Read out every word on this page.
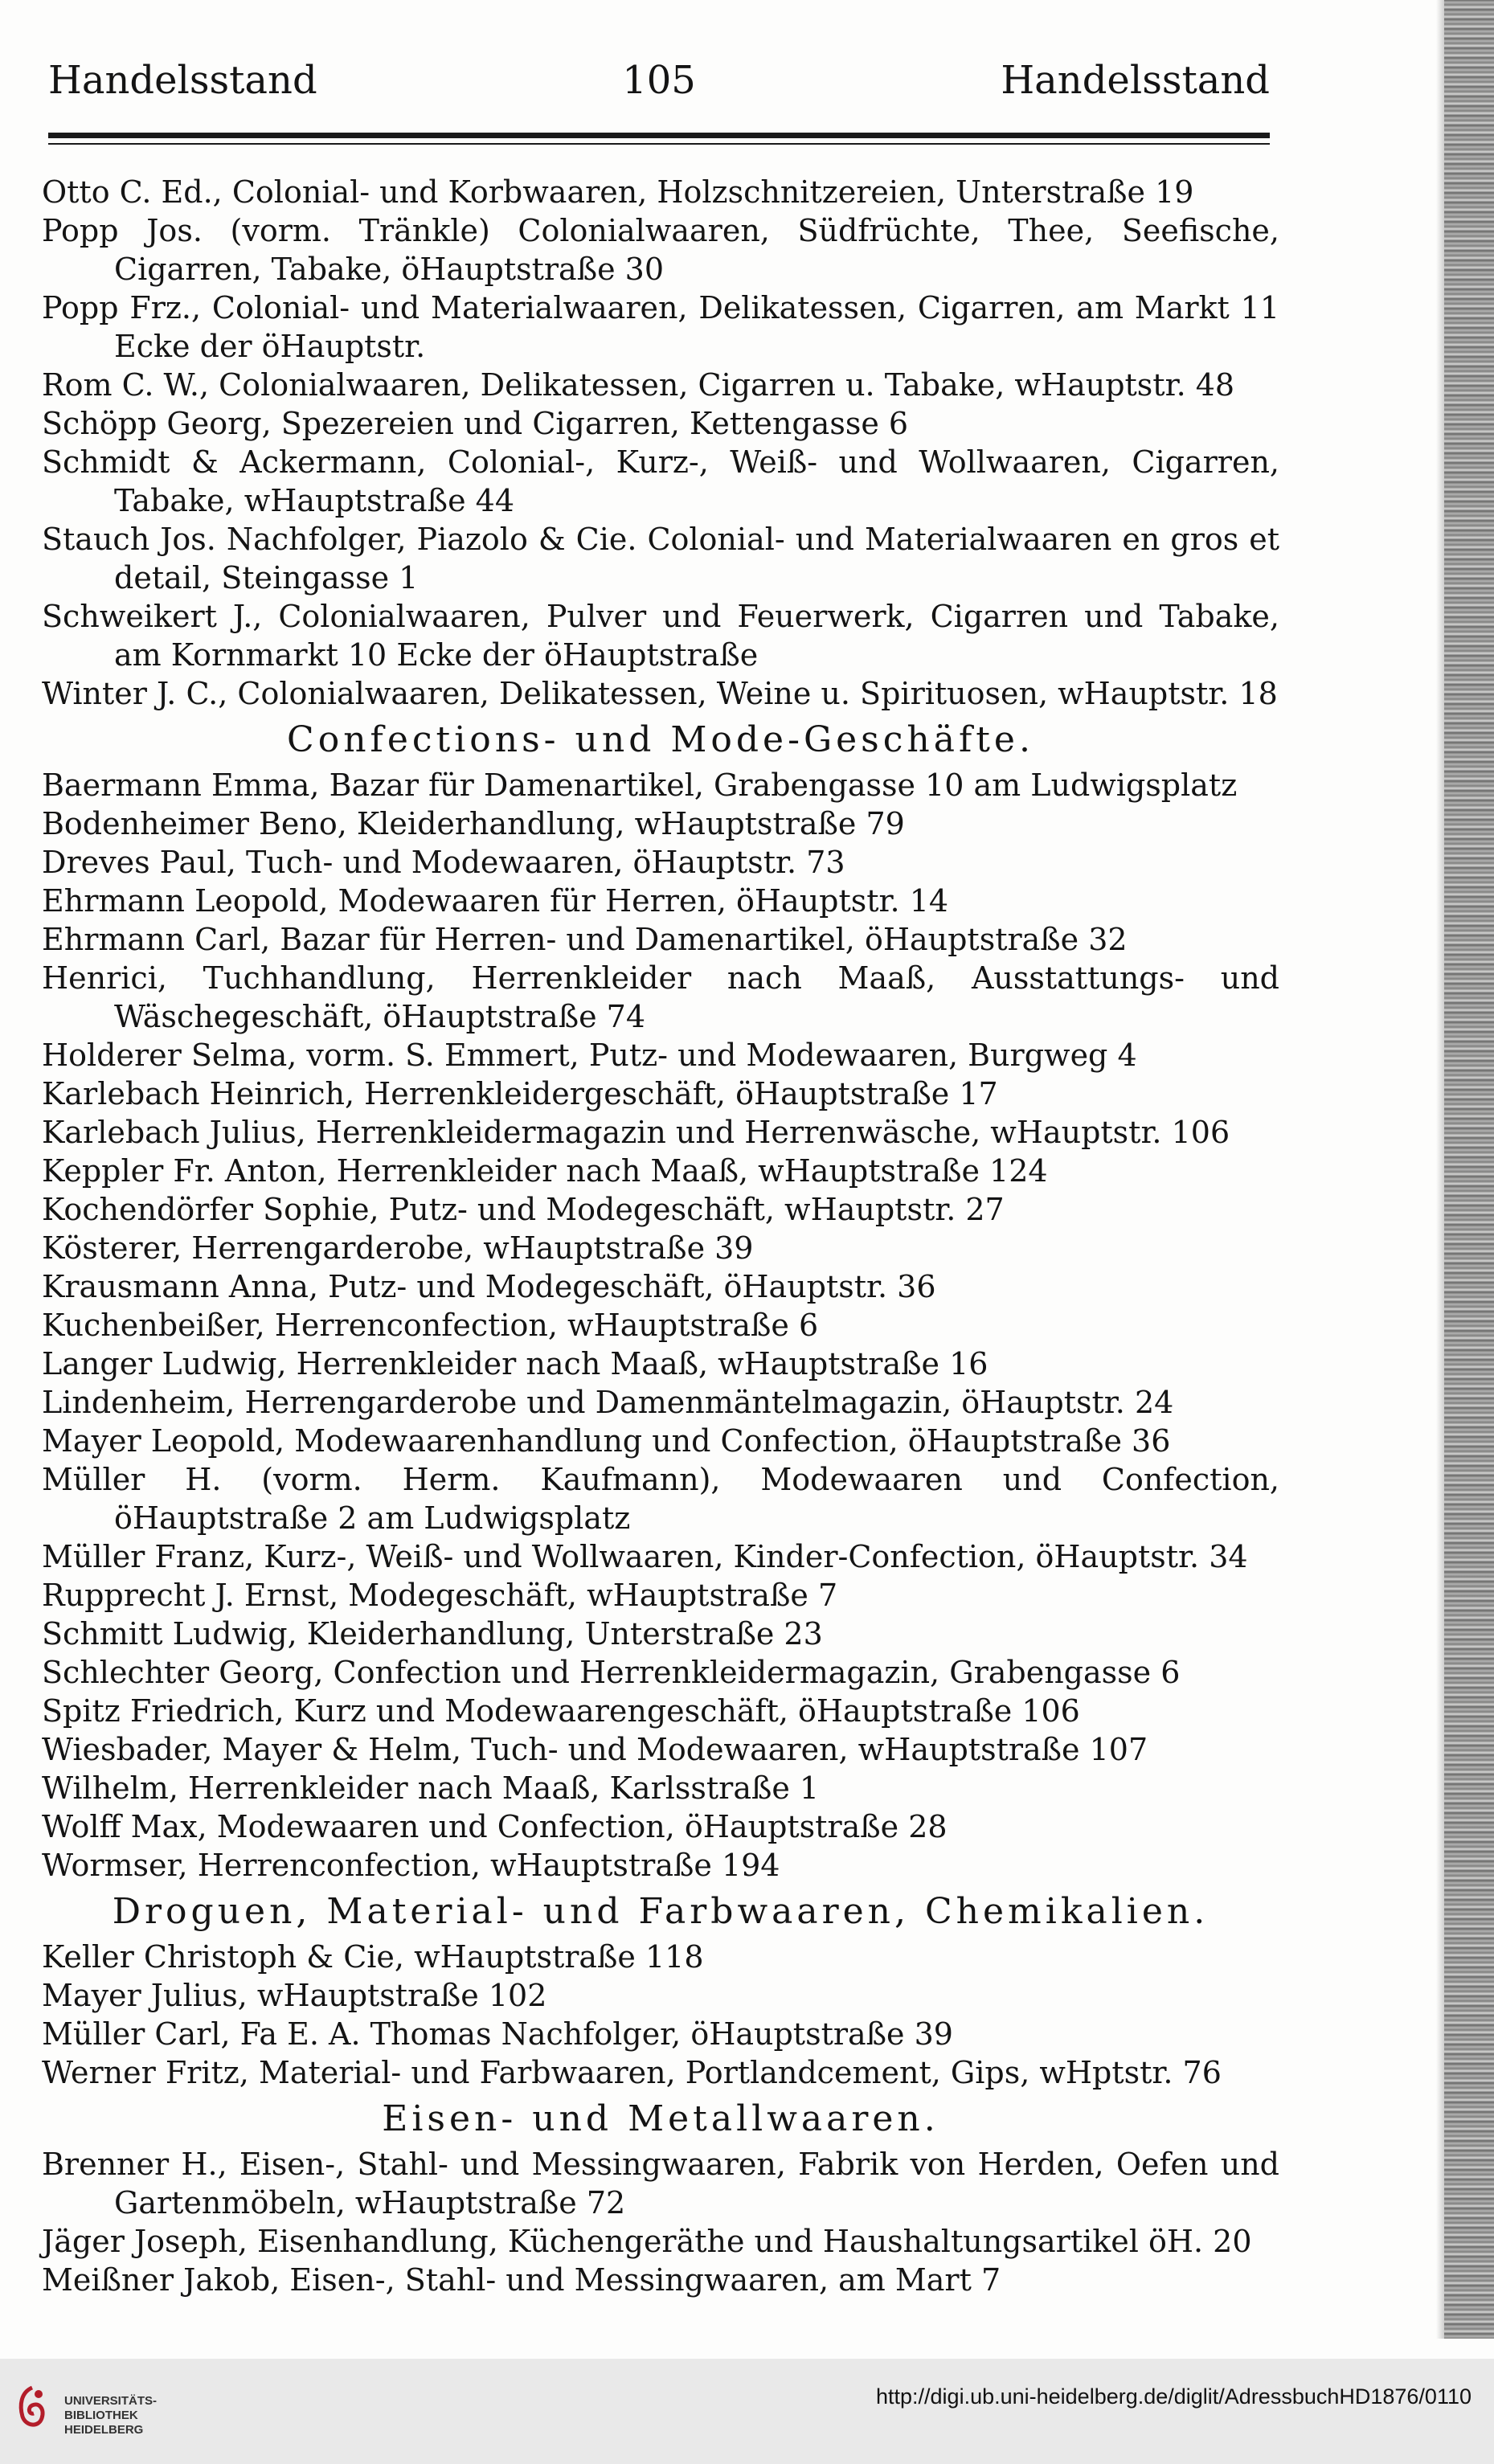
Handelsstand	105	Handelsstand

Otto C. Ed., Colonial- und Korbwaaren, Holzschnitzereien, Unterstraße 19

Popp Jos. (vorm. Tränkle) Colonialwaaren, Südfrüchte, Thee, Seefische, Cigarren, Tabake, öHauptstraße 30

Popp Frz., Colonial- und Materialwaaren, Delikatessen, Cigarren, am Markt 11 Ecke der öHauptstr.

Rom C. W., Colonialwaaren, Delikatessen, Cigarren u. Tabake, wHauptstr. 48

Schöpp Georg, Spezereien und Cigarren, Kettengasse 6

Schmidt & Ackermann, Colonial-, Kurz-, Weiß- und Wollwaaren, Cigarren, Tabake, wHauptstraße 44

Stauch Jos. Nachfolger, Piazolo & Cie. Colonial- und Materialwaaren en gros et detail, Steingasse 1

Schweikert J., Colonialwaaren, Pulver und Feuerwerk, Cigarren und Tabake, am Kornmarkt 10 Ecke der öHauptstraße

Winter J. C., Colonialwaaren, Delikatessen, Weine u. Spirituosen, wHauptstr. 18

Confections- und Mode-Geschäfte.

Baermann Emma, Bazar für Damenartikel, Grabengasse 10 am Ludwigsplatz

Bodenheimer Beno, Kleiderhandlung, wHauptstraße 79

Dreves Paul, Tuch- und Modewaaren, öHauptstr. 73

Ehrmann Leopold, Modewaaren für Herren, öHauptstr. 14

Ehrmann Carl, Bazar für Herren- und Damenartikel, öHauptstraße 32

Henrici, Tuchhandlung, Herrenkleider nach Maaß, Ausstattungs- und Wäschegeschäft, öHauptstraße 74

Holderer Selma, vorm. S. Emmert, Putz- und Modewaaren, Burgweg 4

Karlebach Heinrich, Herrenkleidergeschäft, öHauptstraße 17

Karlebach Julius, Herrenkleidermagazin und Herrenwäsche, wHauptstr. 106

Keppler Fr. Anton, Herrenkleider nach Maaß, wHauptstraße 124

Kochendörfer Sophie, Putz- und Modegeschäft, wHauptstr. 27

Kösterer, Herrengarderobe, wHauptstraße 39

Krausmann Anna, Putz- und Modegeschäft, öHauptstr. 36

Kuchenbeißer, Herrenconfection, wHauptstraße 6

Langer Ludwig, Herrenkleider nach Maaß, wHauptstraße 16

Lindenheim, Herrengarderobe und Damenmäntelmagazin, öHauptstr. 24

Mayer Leopold, Modewaarenhandlung und Confection, öHauptstraße 36

Müller H. (vorm. Herm. Kaufmann), Modewaaren und Confection, öHauptstraße 2 am Ludwigsplatz

Müller Franz, Kurz-, Weiß- und Wollwaaren, Kinder-Confection, öHauptstr. 34

Rupprecht J. Ernst, Modegeschäft, wHauptstraße 7

Schmitt Ludwig, Kleiderhandlung, Unterstraße 23

Schlechter Georg, Confection und Herrenkleidermagazin, Grabengasse 6

Spitz Friedrich, Kurz und Modewaarengeschäft, öHauptstraße 106

Wiesbader, Mayer & Helm, Tuch- und Modewaaren, wHauptstraße 107

Wilhelm, Herrenkleider nach Maaß, Karlsstraße 1

Wolff Max, Modewaaren und Confection, öHauptstraße 28

Wormser, Herrenconfection, wHauptstraße 194

Droguen, Material- und Farbwaaren, Chemikalien.

Keller Christoph & Cie, wHauptstraße 118

Mayer Julius, wHauptstraße 102

Müller Carl, Fa E. A. Thomas Nachfolger, öHauptstraße 39

Werner Fritz, Material- und Farbwaaren, Portlandcement, Gips, wHptstr. 76

Eisen- und Metallwaaren.

Brenner H., Eisen-, Stahl- und Messingwaaren, Fabrik von Herden, Oefen und Gartenmöbeln, wHauptstraße 72

Jäger Joseph, Eisenhandlung, Küchengeräthe und Haushaltungsartikel öH. 20

Meißner Jakob, Eisen-, Stahl- und Messingwaaren, am Mart 7

UNIVERSITÄTS-
BIBLIOTHEK
HEIDELBERG
http://digi.ub.uni-heidelberg.de/diglit/AdressbuchHD1876/0110
